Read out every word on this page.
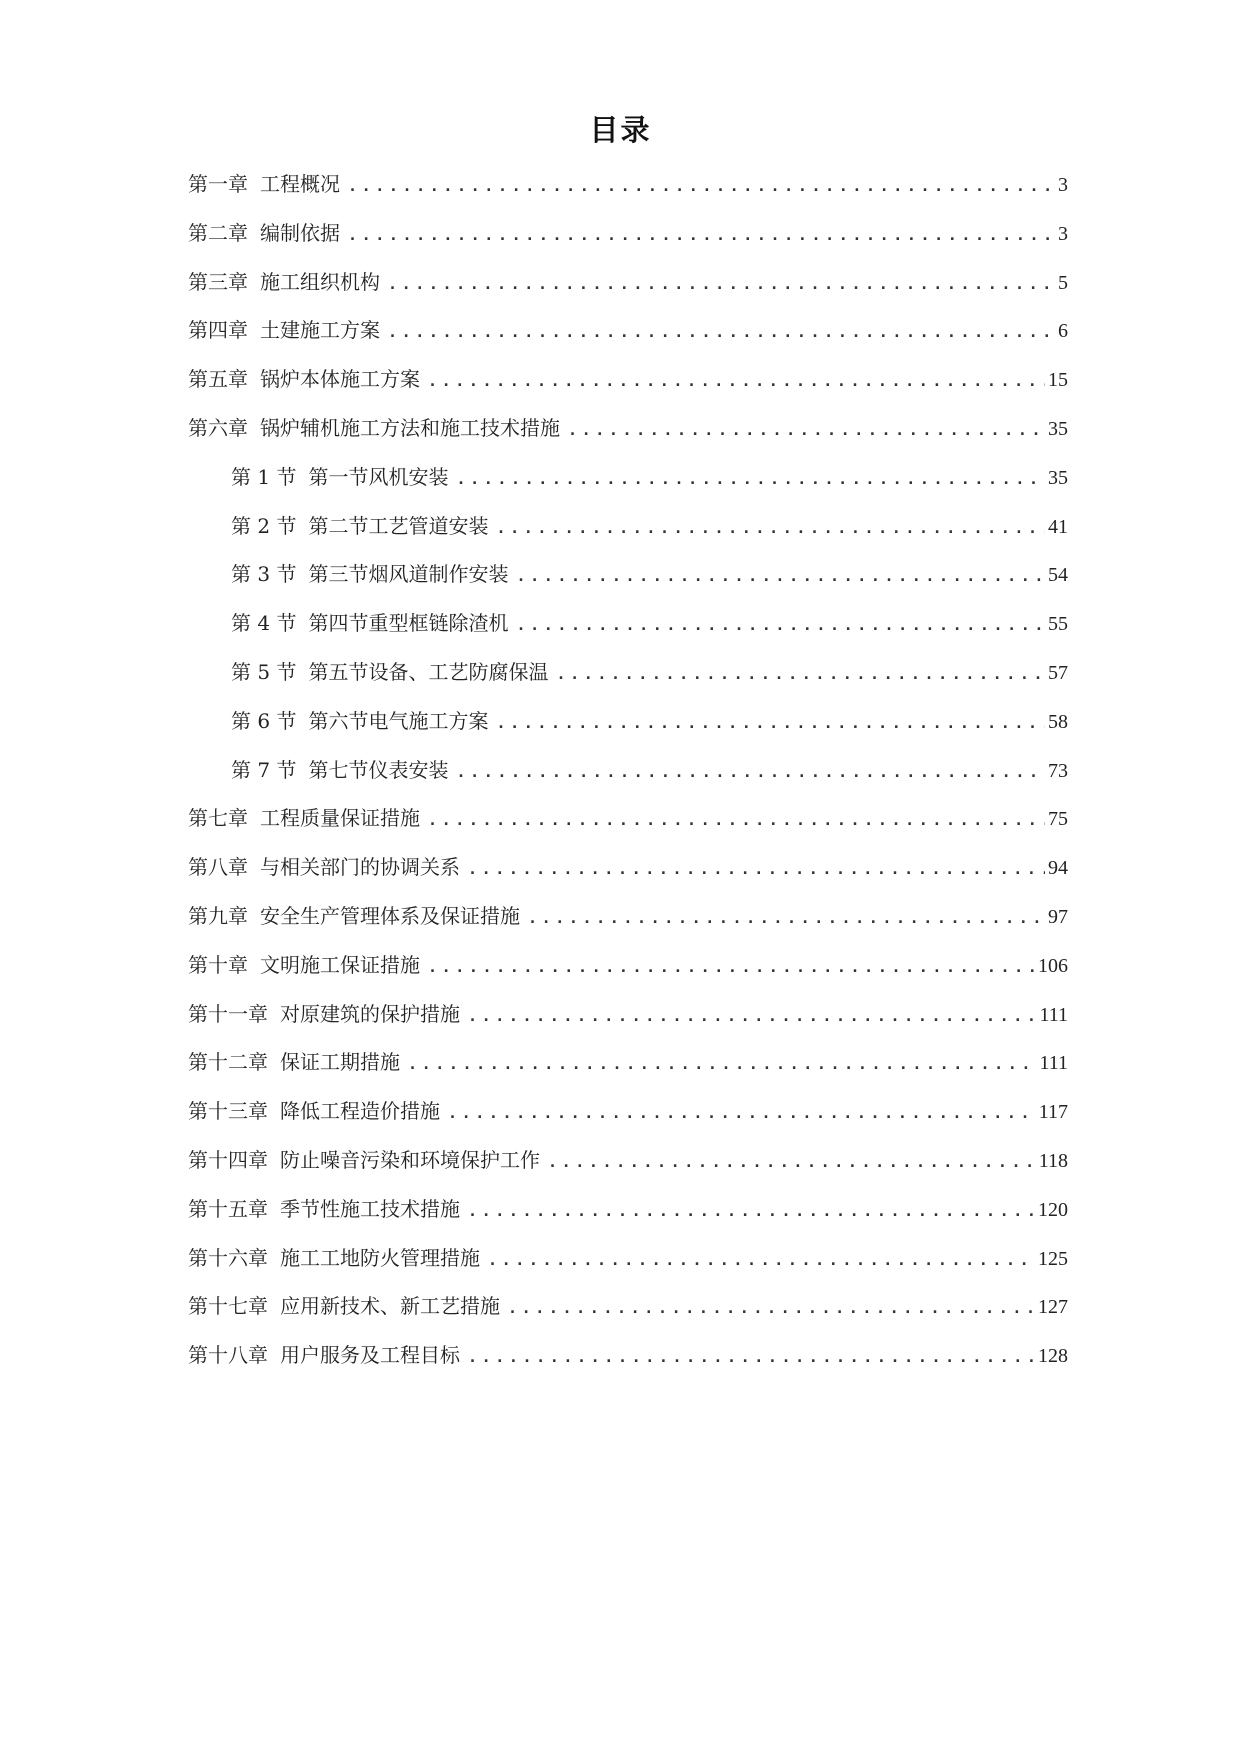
目录
第一章 工程概况 .....	3
第二章 编制依据 .....	3
第三章 施工组织机构 .....	5
第四章 土建施工方案 .....	6
第五章 锅炉本体施工方案 .....	15
第六章 锅炉辅机施工方法和施工技术措施 .....	35
第 1 节 第一节风机安装 .....	35
第 2 节 第二节工艺管道安装 .....	41
第 3 节 第三节烟风道制作安装 .....	54
第 4 节 第四节重型框链除渣机 .....	55
第 5 节 第五节设备、工艺防腐保温 .....	57
第 6 节 第六节电气施工方案 .....	58
第 7 节 第七节仪表安装 .....	73
第七章 工程质量保证措施 .....	75
第八章 与相关部门的协调关系 .....	94
第九章 安全生产管理体系及保证措施 .....	97
第十章 文明施工保证措施 .....	106
第十一章 对原建筑的保护措施 .....	111
第十二章 保证工期措施 .....	111
第十三章 降低工程造价措施 .....	117
第十四章 防止噪音污染和环境保护工作 .....	118
第十五章 季节性施工技术措施 .....	120
第十六章 施工工地防火管理措施 .....	125
第十七章 应用新技术、新工艺措施 .....	127
第十八章 用户服务及工程目标 .....	128
